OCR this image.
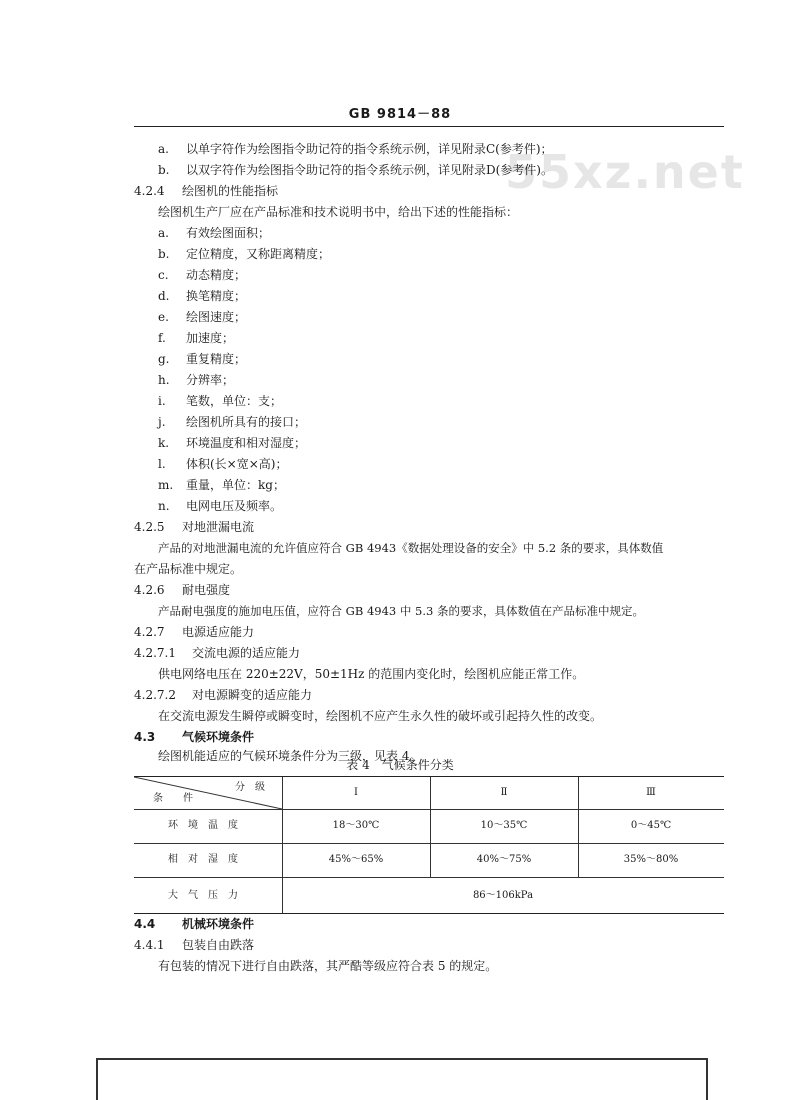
55xz.net
GB 9814－88
a. 以单字符作为绘图指令助记符的指令系统示例，详见附录C(参考件)；
b. 以双字符作为绘图指令助记符的指令系统示例，详见附录D(参考件)。
4.2.4 绘图机的性能指标
绘图机生产厂应在产品标准和技术说明书中，给出下述的性能指标：
a. 有效绘图面积；
b. 定位精度，又称距离精度；
c. 动态精度；
d. 换笔精度；
e. 绘图速度；
f. 加速度；
g. 重复精度；
h. 分辨率；
i. 笔数，单位：支；
j. 绘图机所具有的接口；
k. 环境温度和相对湿度；
l. 体积(长×宽×高)；
m. 重量，单位：kg；
n. 电网电压及频率。
4.2.5 对地泄漏电流
产品的对地泄漏电流的允许值应符合 GB 4943《数据处理设备的安全》中 5.2 条的要求，具体数值
在产品标准中规定。
4.2.6 耐电强度
产品耐电强度的施加电压值，应符合 GB 4943 中 5.3 条的要求，具体数值在产品标准中规定。
4.2.7 电源适应能力
4.2.7.1 交流电源的适应能力
供电网络电压在 220±22V，50±1Hz 的范围内变化时，绘图机应能正常工作。
4.2.7.2 对电源瞬变的适应能力
在交流电源发生瞬停或瞬变时，绘图机不应产生永久性的破坏或引起持久性的改变。
4.3 气候环境条件
绘图机能适应的气候环境条件分为三级，见表 4。
表 4　气候条件分类
分　级
条　　件
Ⅰ	Ⅱ	Ⅲ
环境温度	18～30℃	10～35℃	0～45℃
相对湿度	45%～65%	40%～75%	35%～80%
大气压力	86～106kPa
4.4 机械环境条件
4.4.1 包装自由跌落
有包装的情况下进行自由跌落，其严酷等级应符合表 5 的规定。
